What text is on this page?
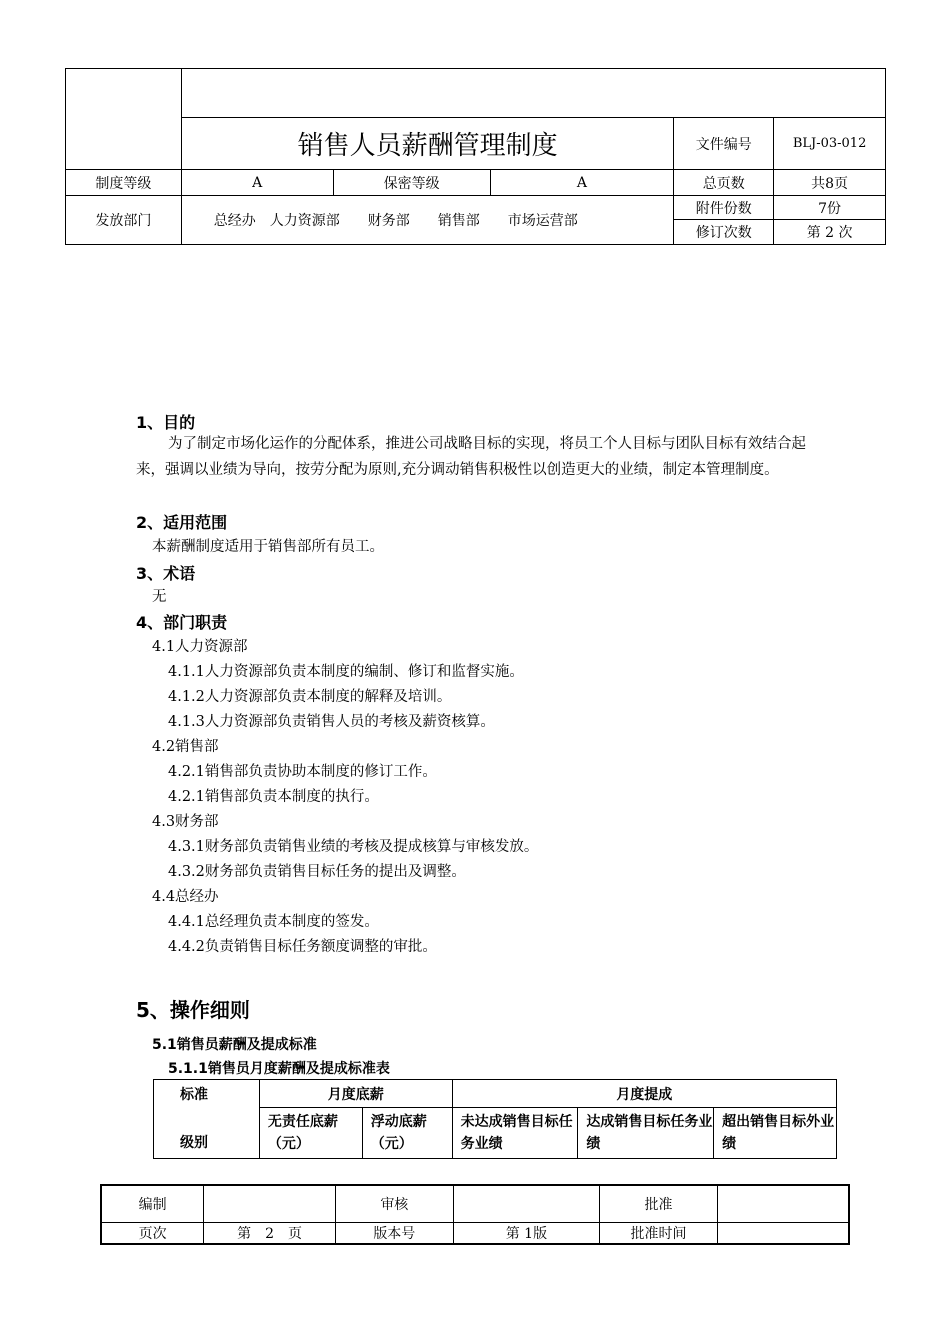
	销售人员薪酬管理制度			文件编号	BLJ-03-012
制度等级	A	保密等级	A	总页数	共8页
发放部门	总经办　人力资源部　　财务部　　销售部　　市场运营部			附件份数	7份
				修订次数	第 2 次
1、目的
为了制定市场化运作的分配体系，推进公司战略目标的实现，将员工个人目标与团队目标有效结合起来，强调以业绩为导向，按劳分配为原则,充分调动销售积极性以创造更大的业绩，制定本管理制度。
2、适用范围
本薪酬制度适用于销售部所有员工。
3、术语
无
4、部门职责
4.1人力资源部
4.1.1人力资源部负责本制度的编制、修订和监督实施。
4.1.2人力资源部负责本制度的解释及培训。
4.1.3人力资源部负责销售人员的考核及薪资核算。
4.2销售部
4.2.1销售部负责协助本制度的修订工作。
4.2.1销售部负责本制度的执行。
4.3财务部
4.3.1财务部负责销售业绩的考核及提成核算与审核发放。
4.3.2财务部负责销售目标任务的提出及调整。
4.4总经办
4.4.1总经理负责本制度的签发。
4.4.2负责销售目标任务额度调整的审批。
5、操作细则
5.1销售员薪酬及提成标准
5.1.1销售员月度薪酬及提成标准表
标准	月度底薪		月度提成		
级别	无责任底薪（元）	浮动底薪（元）	未达成销售目标任务业绩	达成销售目标任务业绩	超出销售目标外业绩
编制		审核		批准	
页次	第　2　页	版本号	第 1版	批准时间	
